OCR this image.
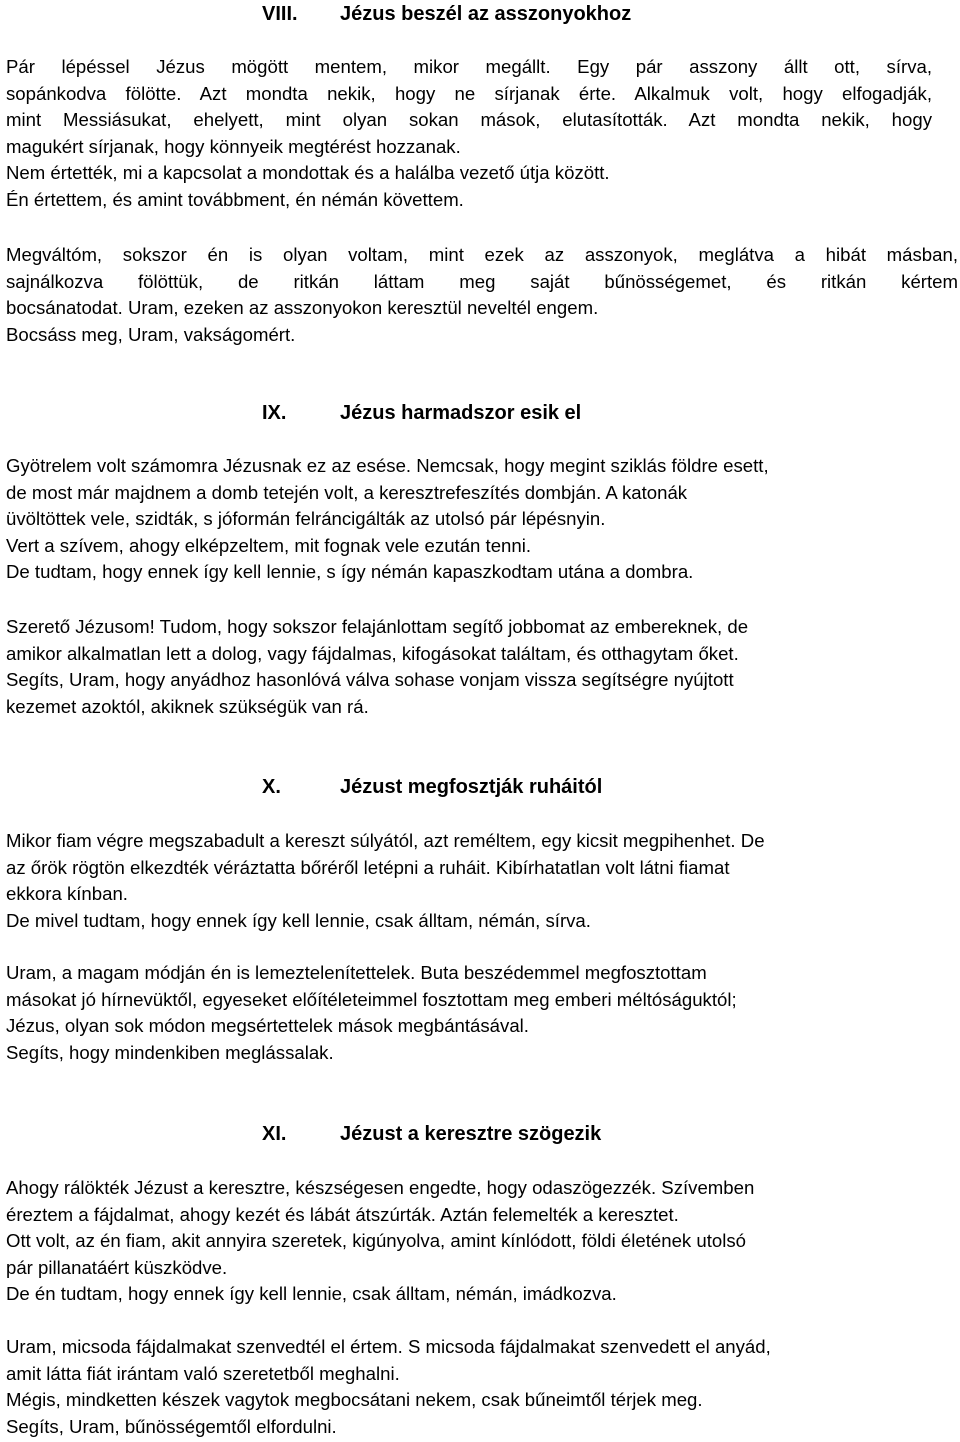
VIII.	Jézus beszél az asszonyokhoz
Pár lépéssel Jézus mögött mentem, mikor megállt. Egy pár asszony állt ott, sírva,
sopánkodva fölötte. Azt mondta nekik, hogy ne sírjanak érte. Alkalmuk volt, hogy elfogadják,
mint Messiásukat, ehelyett, mint olyan sokan mások, elutasították. Azt mondta nekik, hogy
magukért sírjanak, hogy könnyeik megtérést hozzanak.
Nem értették, mi a kapcsolat a mondottak és a halálba vezető útja között.
Én értettem, és amint továbbment, én némán követtem.
Megváltóm, sokszor én is olyan voltam, mint ezek az asszonyok, meglátva a hibát másban,
sajnálkozva fölöttük, de ritkán láttam meg saját bűnösségemet, és ritkán kértem
bocsánatodat. Uram, ezeken az asszonyokon keresztül neveltél engem.
Bocsáss meg, Uram, vakságomért.
IX.	Jézus harmadszor esik el
Gyötrelem volt számomra Jézusnak ez az esése. Nemcsak, hogy megint sziklás földre esett,
de most már majdnem a domb tetején volt, a keresztrefeszítés dombján. A katonák
üvöltöttek vele, szidták, s jóformán felráncigálták az utolsó pár lépésnyin.
Vert a szívem, ahogy elképzeltem, mit fognak vele ezután tenni.
De tudtam, hogy ennek így kell lennie, s így némán kapaszkodtam utána a dombra.
Szerető Jézusom! Tudom, hogy sokszor felajánlottam segítő jobbomat az embereknek, de
amikor alkalmatlan lett a dolog, vagy fájdalmas, kifogásokat találtam, és otthagytam őket.
Segíts, Uram, hogy anyádhoz hasonlóvá válva sohase vonjam vissza segítségre nyújtott
kezemet azoktól, akiknek szükségük van rá.
X.	Jézust megfosztják ruháitól
Mikor fiam végre megszabadult a kereszt súlyától, azt reméltem, egy kicsit megpihenhet. De
az őrök rögtön elkezdték véráztatta bőréről letépni a ruháit. Kibírhatatlan volt látni fiamat
ekkora kínban.
De mivel tudtam, hogy ennek így kell lennie, csak álltam, némán, sírva.
Uram, a magam módján én is lemeztelenítettelek. Buta beszédemmel megfosztottam
másokat jó hírnevüktől, egyeseket előítéleteimmel fosztottam meg emberi méltóságuktól;
Jézus, olyan sok módon megsértettelek mások megbántásával.
Segíts, hogy mindenkiben meglássalak.
XI.	Jézust a keresztre szögezik
Ahogy rálökték Jézust a keresztre, készségesen engedte, hogy odaszögezzék. Szívemben
éreztem a fájdalmat, ahogy kezét és lábát átszúrták. Aztán felemelték a keresztet.
Ott volt, az én fiam, akit annyira szeretek, kigúnyolva, amint kínlódott, földi életének utolsó
pár pillanatáért küszködve.
De én tudtam, hogy ennek így kell lennie, csak álltam, némán, imádkozva.
Uram, micsoda fájdalmakat szenvedtél el értem. S micsoda fájdalmakat szenvedett el anyád,
amit látta fiát irántam való szeretetből meghalni.
Mégis, mindketten készek vagytok megbocsátani nekem, csak bűneimtől térjek meg.
Segíts, Uram, bűnösségemtől elfordulni.
